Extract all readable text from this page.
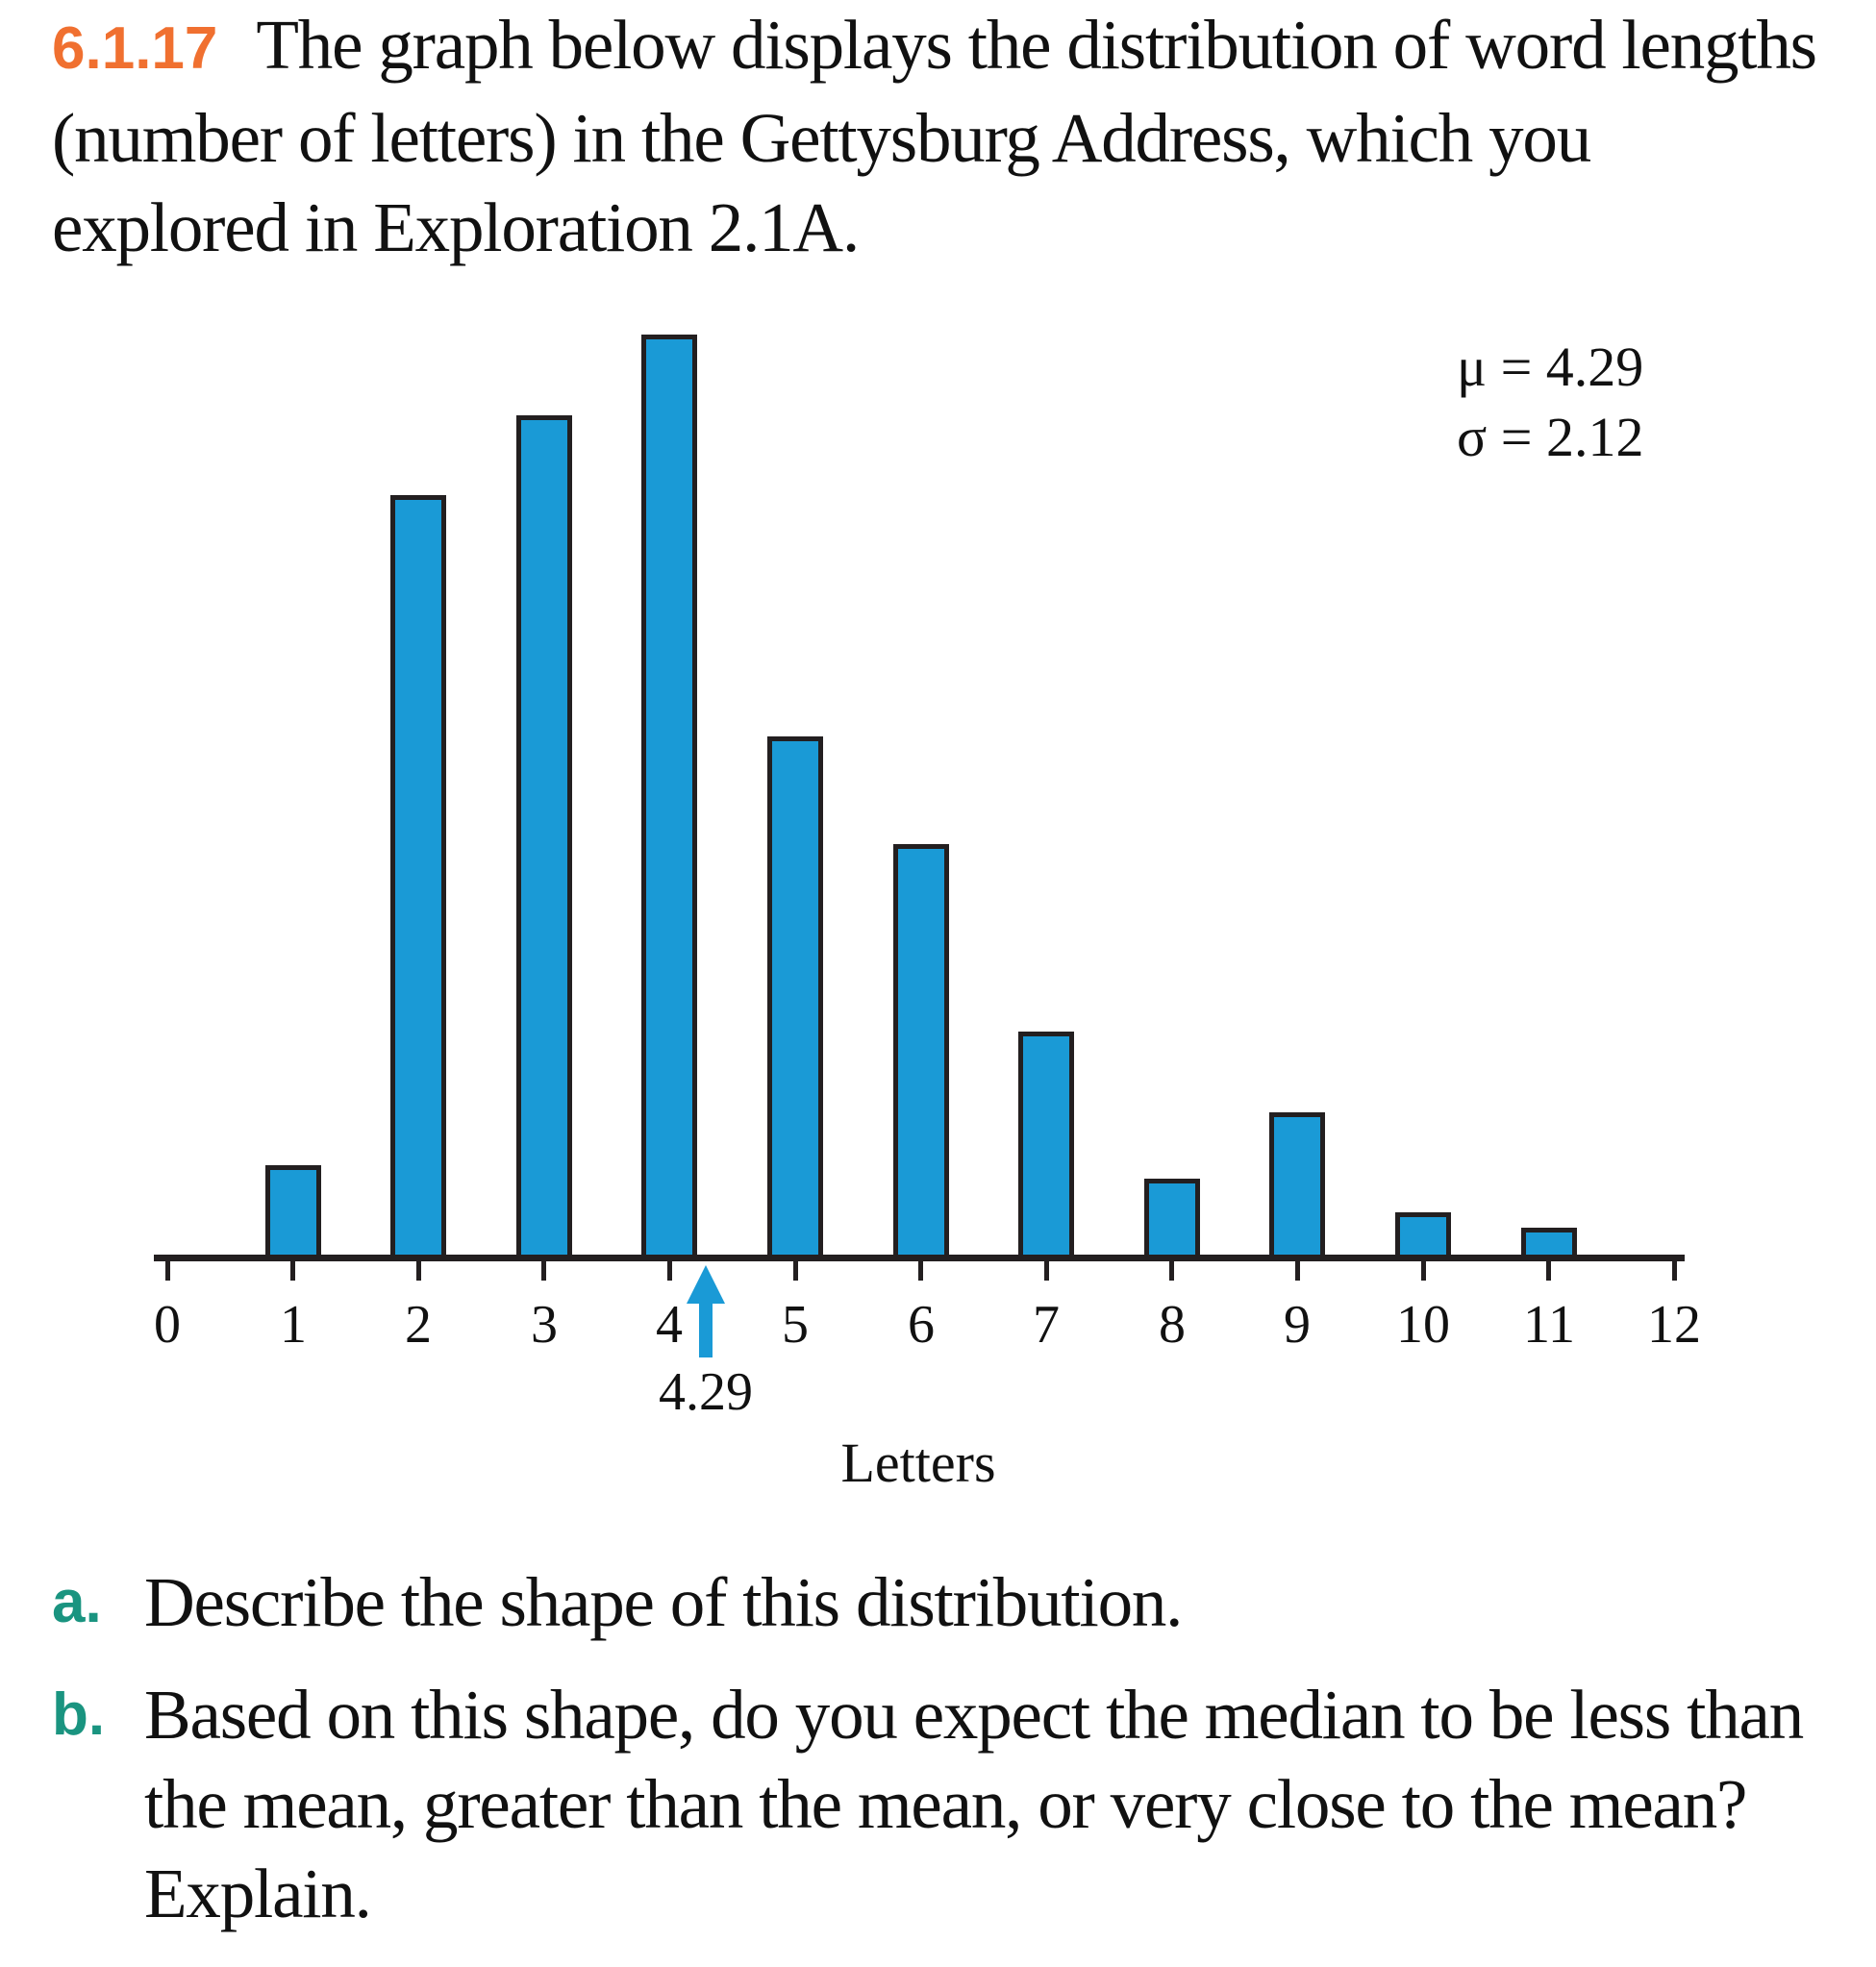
6.1.17 The graph below displays the distribution of word lengths (number of letters) in the Gettysburg Address, which you explored in Exploration 2.1A.
0	1	2	3	4	5	6	7	8	9	10	11	12
4.29
Letters
μ = 4.29
σ = 2.12
a. Describe the shape of this distribution.
b. Based on this shape, do you expect the median to be less than the mean, greater than the mean, or very close to the mean? Explain.
